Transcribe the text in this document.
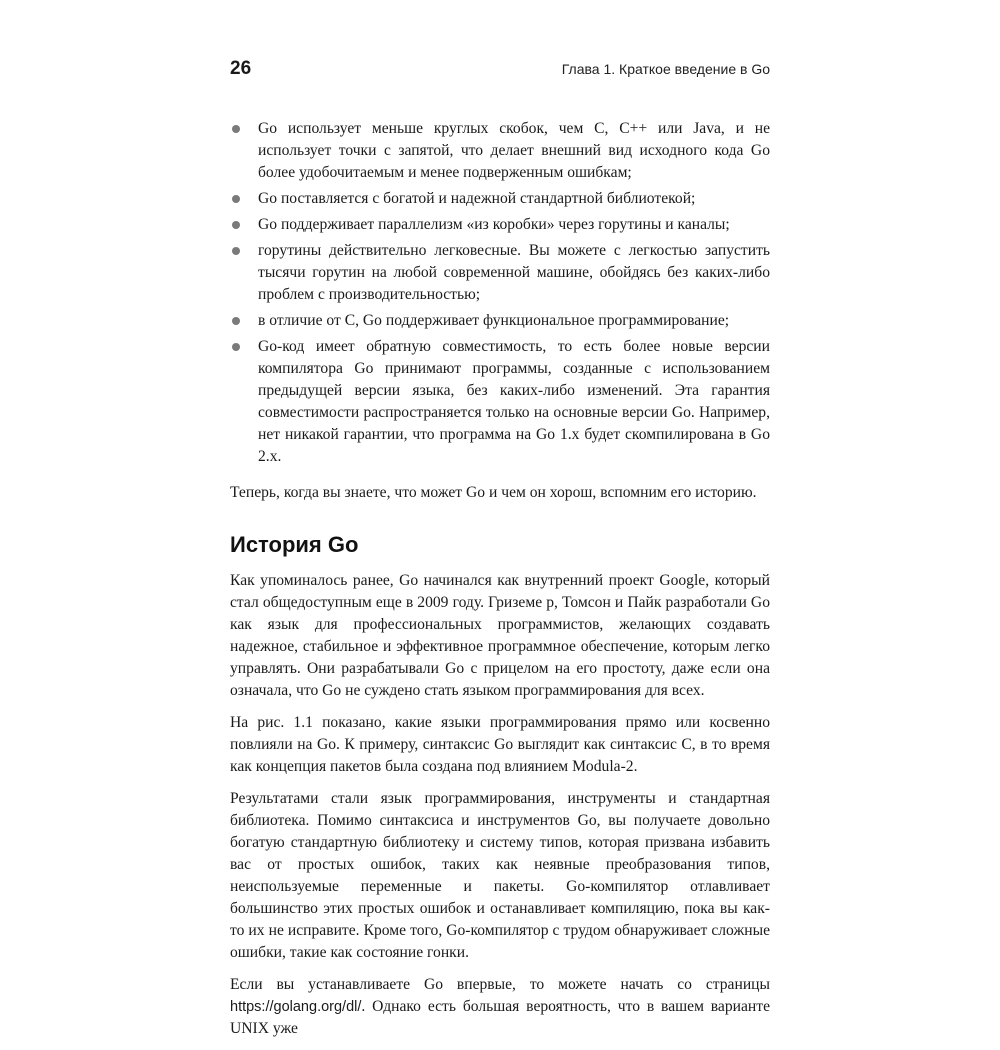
26	Глава 1. Краткое введение в Go
Go использует меньше круглых скобок, чем C, C++ или Java, и не использует точки с запятой, что делает внешний вид исходного кода Go более удобочитаемым и менее подверженным ошибкам;
Go поставляется с богатой и надежной стандартной библиотекой;
Go поддерживает параллелизм «из коробки» через горутины и каналы;
горутины действительно легковесные. Вы можете с легкостью запустить тысячи горутин на любой современной машине, обойдясь без каких-либо проблем с производительностью;
в отличие от C, Go поддерживает функциональное программирование;
Go-код имеет обратную совместимость, то есть более новые версии компилятора Go принимают программы, созданные с использованием предыдущей версии языка, без каких-либо изменений. Эта гарантия совместимости распространяется только на основные версии Go. Например, нет никакой гарантии, что программа на Go 1.x будет скомпилирована в Go 2.x.

Теперь, когда вы знаете, что может Go и чем он хорош, вспомним его историю.

История Go

Как упоминалось ранее, Go начинался как внутренний проект Google, который стал общедоступным еще в 2009 году. Гриземе р, Томсон и Пайк разработали Go как язык для профессиональных программистов, желающих создавать надежное, стабильное и эффективное программное обеспечение, которым легко управлять. Они разрабатывали Go с прицелом на его простоту, даже если она означала, что Go не суждено стать языком программирования для всех.

На рис. 1.1 показано, какие языки программирования прямо или косвенно повлияли на Go. К примеру, синтаксис Go выглядит как синтаксис C, в то время как концепция пакетов была создана под влиянием Modula-2.

Результатами стали язык программирования, инструменты и стандартная библиотека. Помимо синтаксиса и инструментов Go, вы получаете довольно богатую стандартную библиотеку и систему типов, которая призвана избавить вас от простых ошибок, таких как неявные преобразования типов, неиспользуемые переменные и пакеты. Go-компилятор отлавливает большинство этих простых ошибок и останавливает компиляцию, пока вы как-то их не исправите. Кроме того, Go-компилятор с трудом обнаруживает сложные ошибки, такие как состояние гонки.

Если вы устанавливаете Go впервые, то можете начать со страницы https://golang.org/dl/. Однако есть большая вероятность, что в вашем варианте UNIX уже
